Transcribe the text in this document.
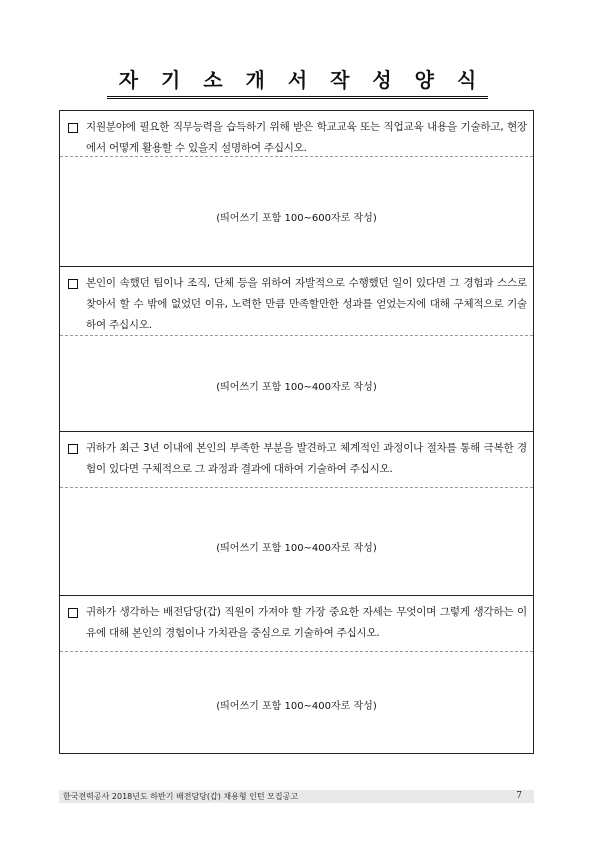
자 기 소 개 서 작 성 양 식
지원분야에 필요한 직무능력을 습득하기 위해 받은 학교교육 또는 직업교육 내용을 기술하고, 현장에서 어떻게 활용할 수 있을지 설명하여 주십시오.
(띄어쓰기 포함 100~600자로 작성)
본인이 속했던 팀이나 조직, 단체 등을 위하여 자발적으로 수행했던 일이 있다면 그 경험과 스스로 찾아서 할 수 밖에 없었던 이유, 노력한 만큼 만족할만한 성과를 얻었는지에 대해 구체적으로 기술하여 주십시오.
(띄어쓰기 포함 100~400자로 작성)
귀하가 최근 3년 이내에 본인의 부족한 부분을 발견하고 체계적인 과정이나 절차를 통해 극복한 경험이 있다면 구체적으로 그 과정과 결과에 대하여 기술하여 주십시오.
(띄어쓰기 포함 100~400자로 작성)
귀하가 생각하는 배전담당(갑) 직원이 가져야 할 가장 중요한 자세는 무엇이며 그렇게 생각하는 이유에 대해 본인의 경험이나 가치관을 중심으로 기술하여 주십시오.
(띄어쓰기 포함 100~400자로 작성)
한국전력공사 2018년도 하반기 배전담당(갑) 채용형 인턴 모집공고	7
